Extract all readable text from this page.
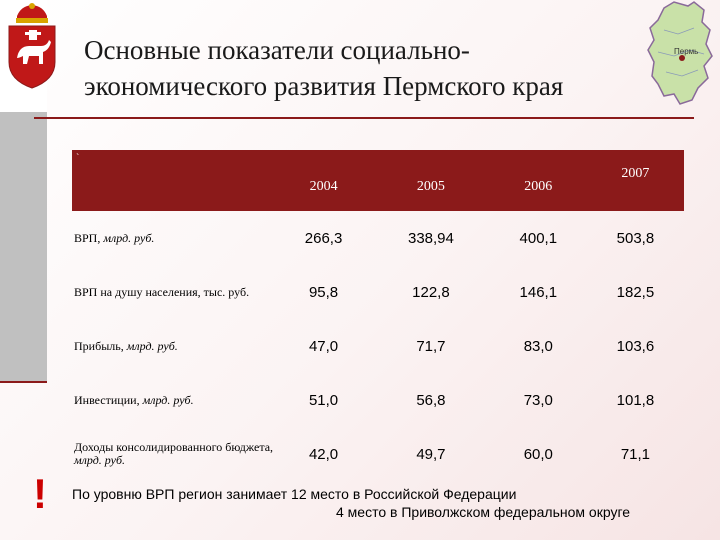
Пермь
Основные показатели социально-
экономического развития Пермского края
`	2004	2005	2006	2007
ВРП, млрд. руб.	266,3	338,94	400,1	503,8
ВРП на душу населения, тыс. руб.	95,8	122,8	146,1	182,5
Прибыль, млрд. руб.	47,0	71,7	83,0	103,6
Инвестиции, млрд. руб.	51,0	56,8	73,0	101,8
Доходы консолидированного бюджета, млрд. руб.	42,0	49,7	60,0	71,1
! По уровню ВРП регион занимает 12 место в Российской Федерации
4 место в Приволжском федеральном округе
